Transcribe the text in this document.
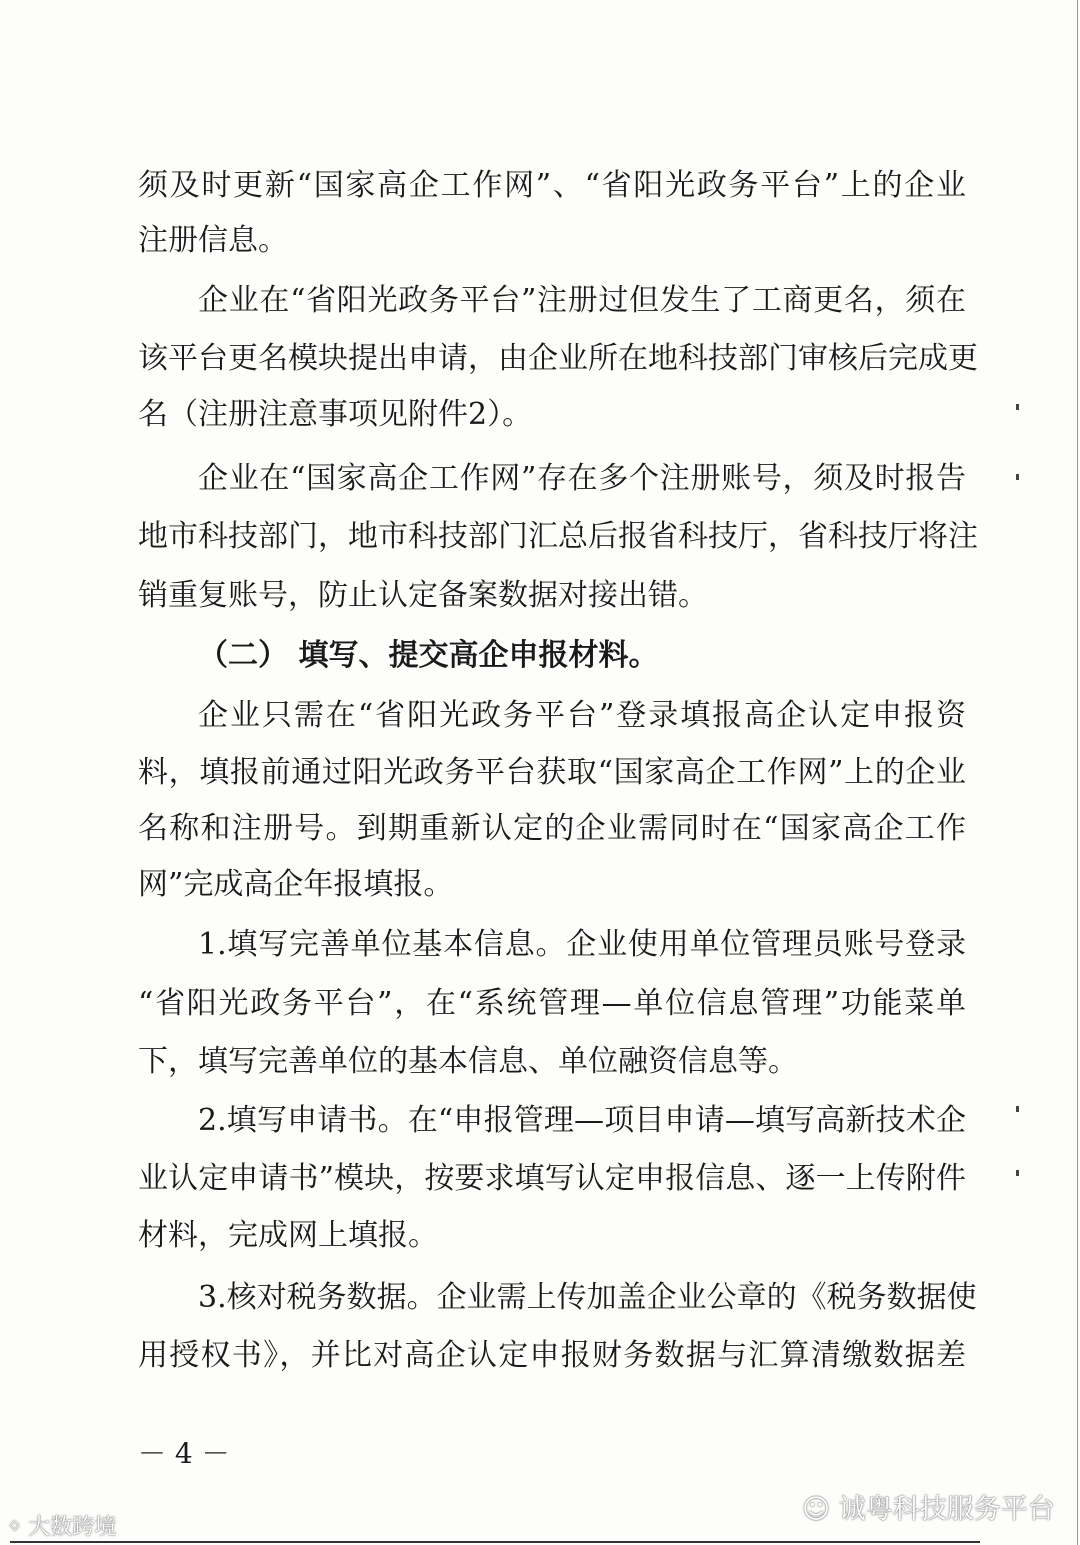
须及时更新“国家高企工作网”、“省阳光政务平台”上的企业
注册信息。
企业在“省阳光政务平台”注册过但发生了工商更名，须在
该平台更名模块提出申请，由企业所在地科技部门审核后完成更
名（注册注意事项见附件2）。
企业在“国家高企工作网”存在多个注册账号，须及时报告
地市科技部门，地市科技部门汇总后报省科技厅，省科技厅将注
销重复账号，防止认定备案数据对接出错。
（二） 填写、提交高企申报材料。
企业只需在“省阳光政务平台”登录填报高企认定申报资
料，填报前通过阳光政务平台获取“国家高企工作网”上的企业
名称和注册号。到期重新认定的企业需同时在“国家高企工作
网”完成高企年报填报。
1.填写完善单位基本信息。企业使用单位管理员账号登录
“省阳光政务平台”，在“系统管理—单位信息管理”功能菜单
下，填写完善单位的基本信息、单位融资信息等。
2.填写申请书。在“申报管理—项目申请—填写高新技术企
业认定申请书”模块，按要求填写认定申报信息、逐一上传附件
材料，完成网上填报。
3.核对税务数据。企业需上传加盖企业公章的《税务数据使
用授权书》，并比对高企认定申报财务数据与汇算清缴数据差
－ 4 －
☺ 诚粤科技服务平台
ᛜ 大数跨境
